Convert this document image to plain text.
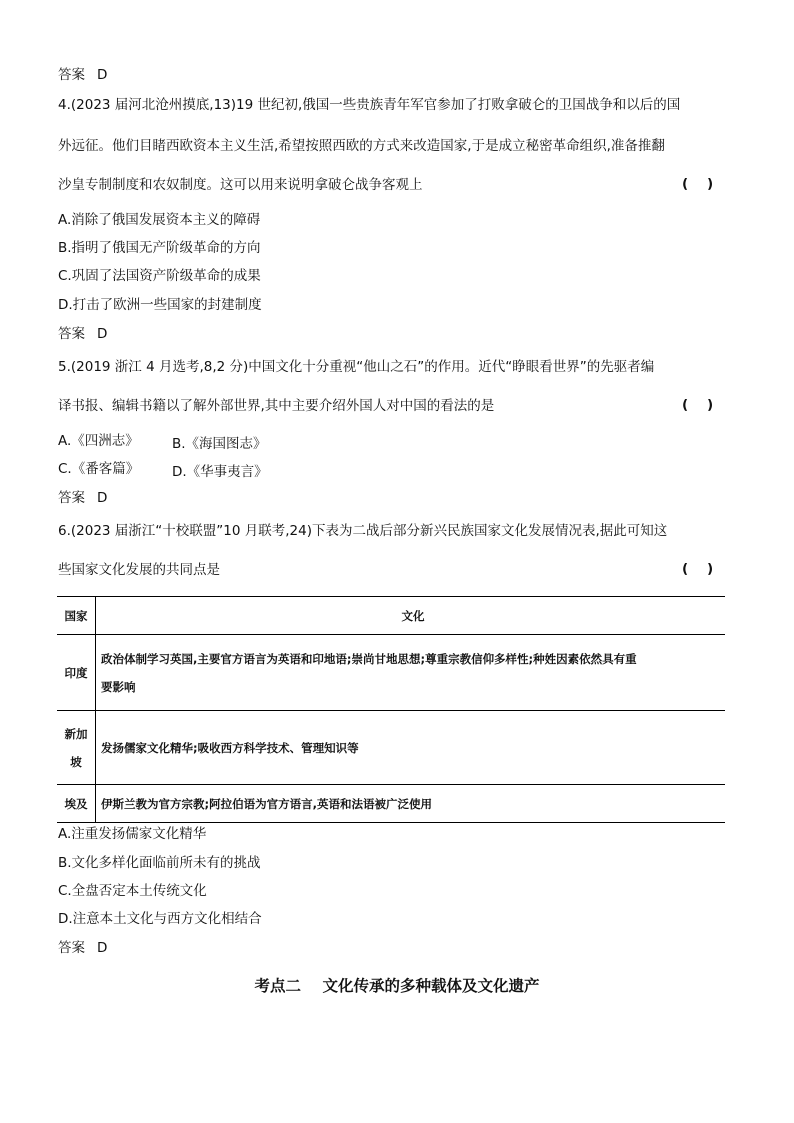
答案 D
4.(2023 届河北沧州摸底,13)19 世纪初,俄国一些贵族青年军官参加了打败拿破仑的卫国战争和以后的国
外远征。他们目睹西欧资本主义生活,希望按照西欧的方式来改造国家,于是成立秘密革命组织,准备推翻
沙皇专制制度和农奴制度。这可以用来说明拿破仑战争客观上	(    )
A.消除了俄国发展资本主义的障碍
B.指明了俄国无产阶级革命的方向
C.巩固了法国资产阶级革命的成果
D.打击了欧洲一些国家的封建制度
答案 D
5.(2019 浙江 4 月选考,8,2 分)中国文化十分重视“他山之石”的作用。近代“睁眼看世界”的先驱者编
译书报、编辑书籍以了解外部世界,其中主要介绍外国人对中国的看法的是	(    )
A.《四洲志》 B.《海国图志》
C.《番客篇》 D.《华事夷言》
答案 D
6.(2023 届浙江“十校联盟”10 月联考,24)下表为二战后部分新兴民族国家文化发展情况表,据此可知这
些国家文化发展的共同点是	(    )
国家	文化
印度	政治体制学习英国,主要官方语言为英语和印地语;崇尚甘地思想;尊重宗教信仰多样性;种姓因素依然具有重
要影响

新加
坡	发扬儒家文化精华;吸收西方科学技术、管理知识等
埃及	伊斯兰教为官方宗教;阿拉伯语为官方语言,英语和法语被广泛使用
A.注重发扬儒家文化精华
B.文化多样化面临前所未有的挑战
C.全盘否定本土传统文化
D.注意本土文化与西方文化相结合
答案 D
考点二    文化传承的多种载体及文化遗产
